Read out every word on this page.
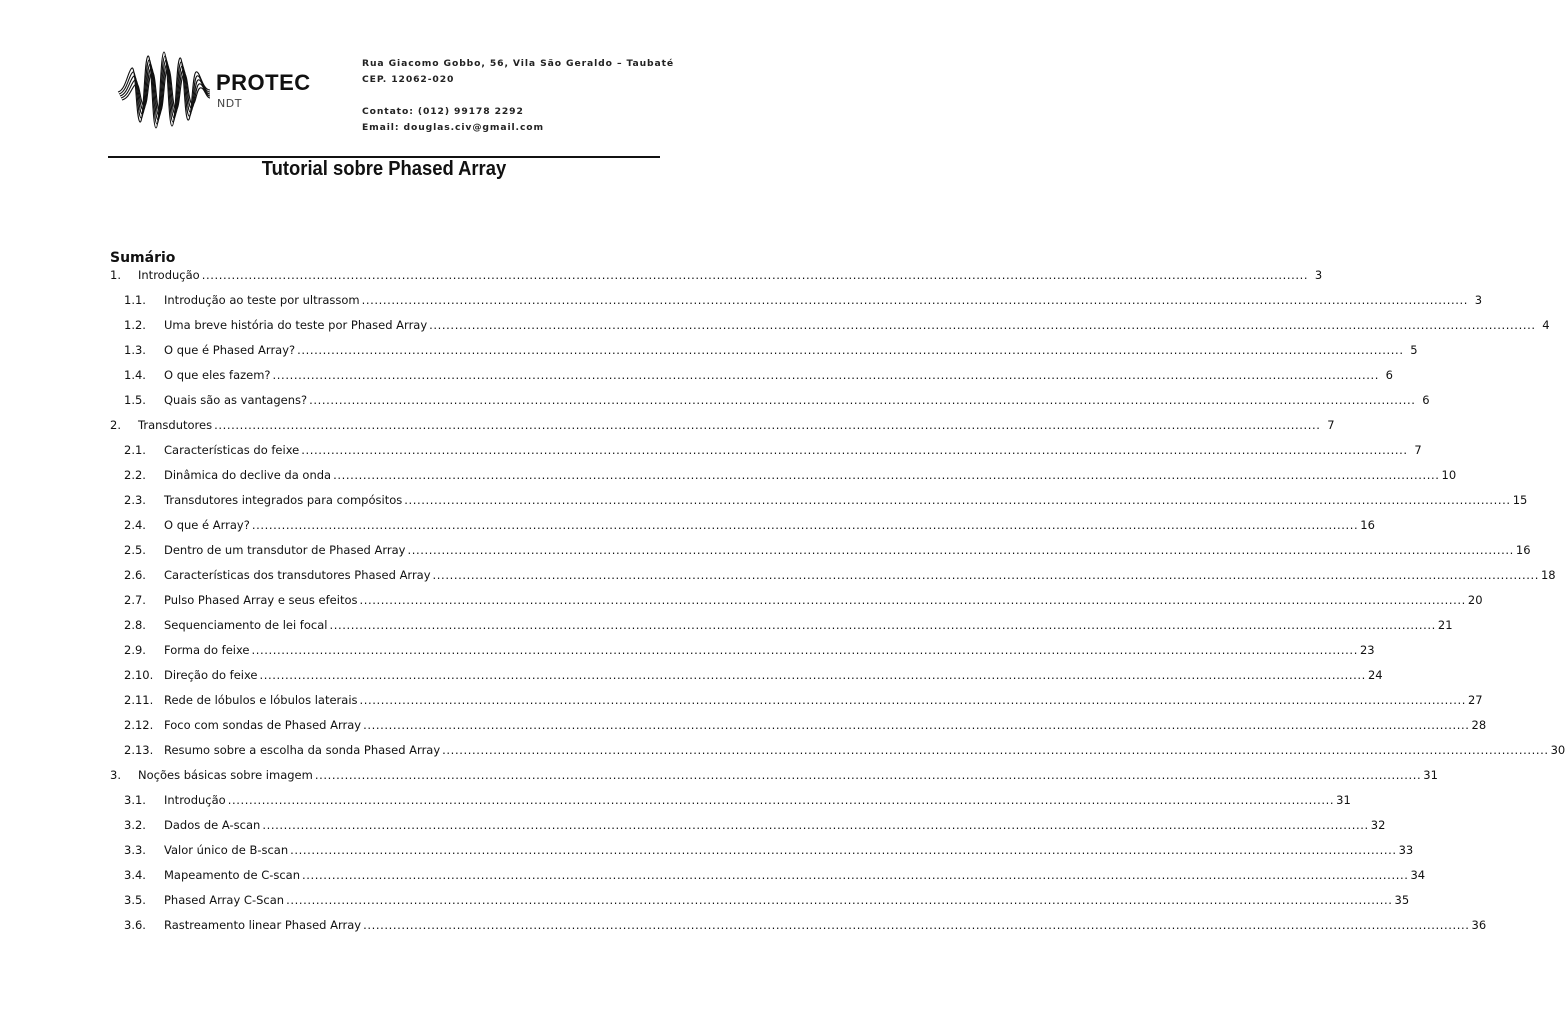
PROTEC
NDT
Rua Giacomo Gobbo, 56, Vila São Geraldo – Taubaté
CEP. 12062-020
Contato: (012) 99178 2292
Email: douglas.civ@gmail.com
Tutorial sobre Phased Array
Sumário
1.	Introdução .................................................................................................................................................................................................................................................................... 3
1.1.	Introdução ao teste por ultrassom .................................................................................................................................................................................................................................................................... 3
1.2.	Uma breve história do teste por Phased Array .................................................................................................................................................................................................................................................................... 4
1.3.	O que é Phased Array? .................................................................................................................................................................................................................................................................... 5
1.4.	O que eles fazem? .................................................................................................................................................................................................................................................................... 6
1.5.	Quais são as vantagens? .................................................................................................................................................................................................................................................................... 6
2.	Transdutores .................................................................................................................................................................................................................................................................... 7
2.1.	Características do feixe .................................................................................................................................................................................................................................................................... 7
2.2.	Dinâmica do declive da onda .................................................................................................................................................................................................................................................................... 10
2.3.	Transdutores integrados para compósitos .................................................................................................................................................................................................................................................................... 15
2.4.	O que é Array? .................................................................................................................................................................................................................................................................... 16
2.5.	Dentro de um transdutor de Phased Array .................................................................................................................................................................................................................................................................... 16
2.6.	Características dos transdutores Phased Array .................................................................................................................................................................................................................................................................... 18
2.7.	Pulso Phased Array e seus efeitos .................................................................................................................................................................................................................................................................... 20
2.8.	Sequenciamento de lei focal .................................................................................................................................................................................................................................................................... 21
2.9.	Forma do feixe .................................................................................................................................................................................................................................................................... 23
2.10. Direção do feixe .................................................................................................................................................................................................................................................................... 24
2.11. Rede de lóbulos e lóbulos laterais .................................................................................................................................................................................................................................................................... 27
2.12. Foco com sondas de Phased Array .................................................................................................................................................................................................................................................................... 28
2.13. Resumo sobre a escolha da sonda Phased Array .................................................................................................................................................................................................................................................................... 30
3.	Noções básicas sobre imagem .................................................................................................................................................................................................................................................................... 31
3.1.	Introdução .................................................................................................................................................................................................................................................................... 31
3.2.	Dados de A-scan .................................................................................................................................................................................................................................................................... 32
3.3.	Valor único de B-scan .................................................................................................................................................................................................................................................................... 33
3.4.	Mapeamento de C-scan .................................................................................................................................................................................................................................................................... 34
3.5.	Phased Array C-Scan .................................................................................................................................................................................................................................................................... 35
3.6.	Rastreamento linear Phased Array .................................................................................................................................................................................................................................................................... 36
